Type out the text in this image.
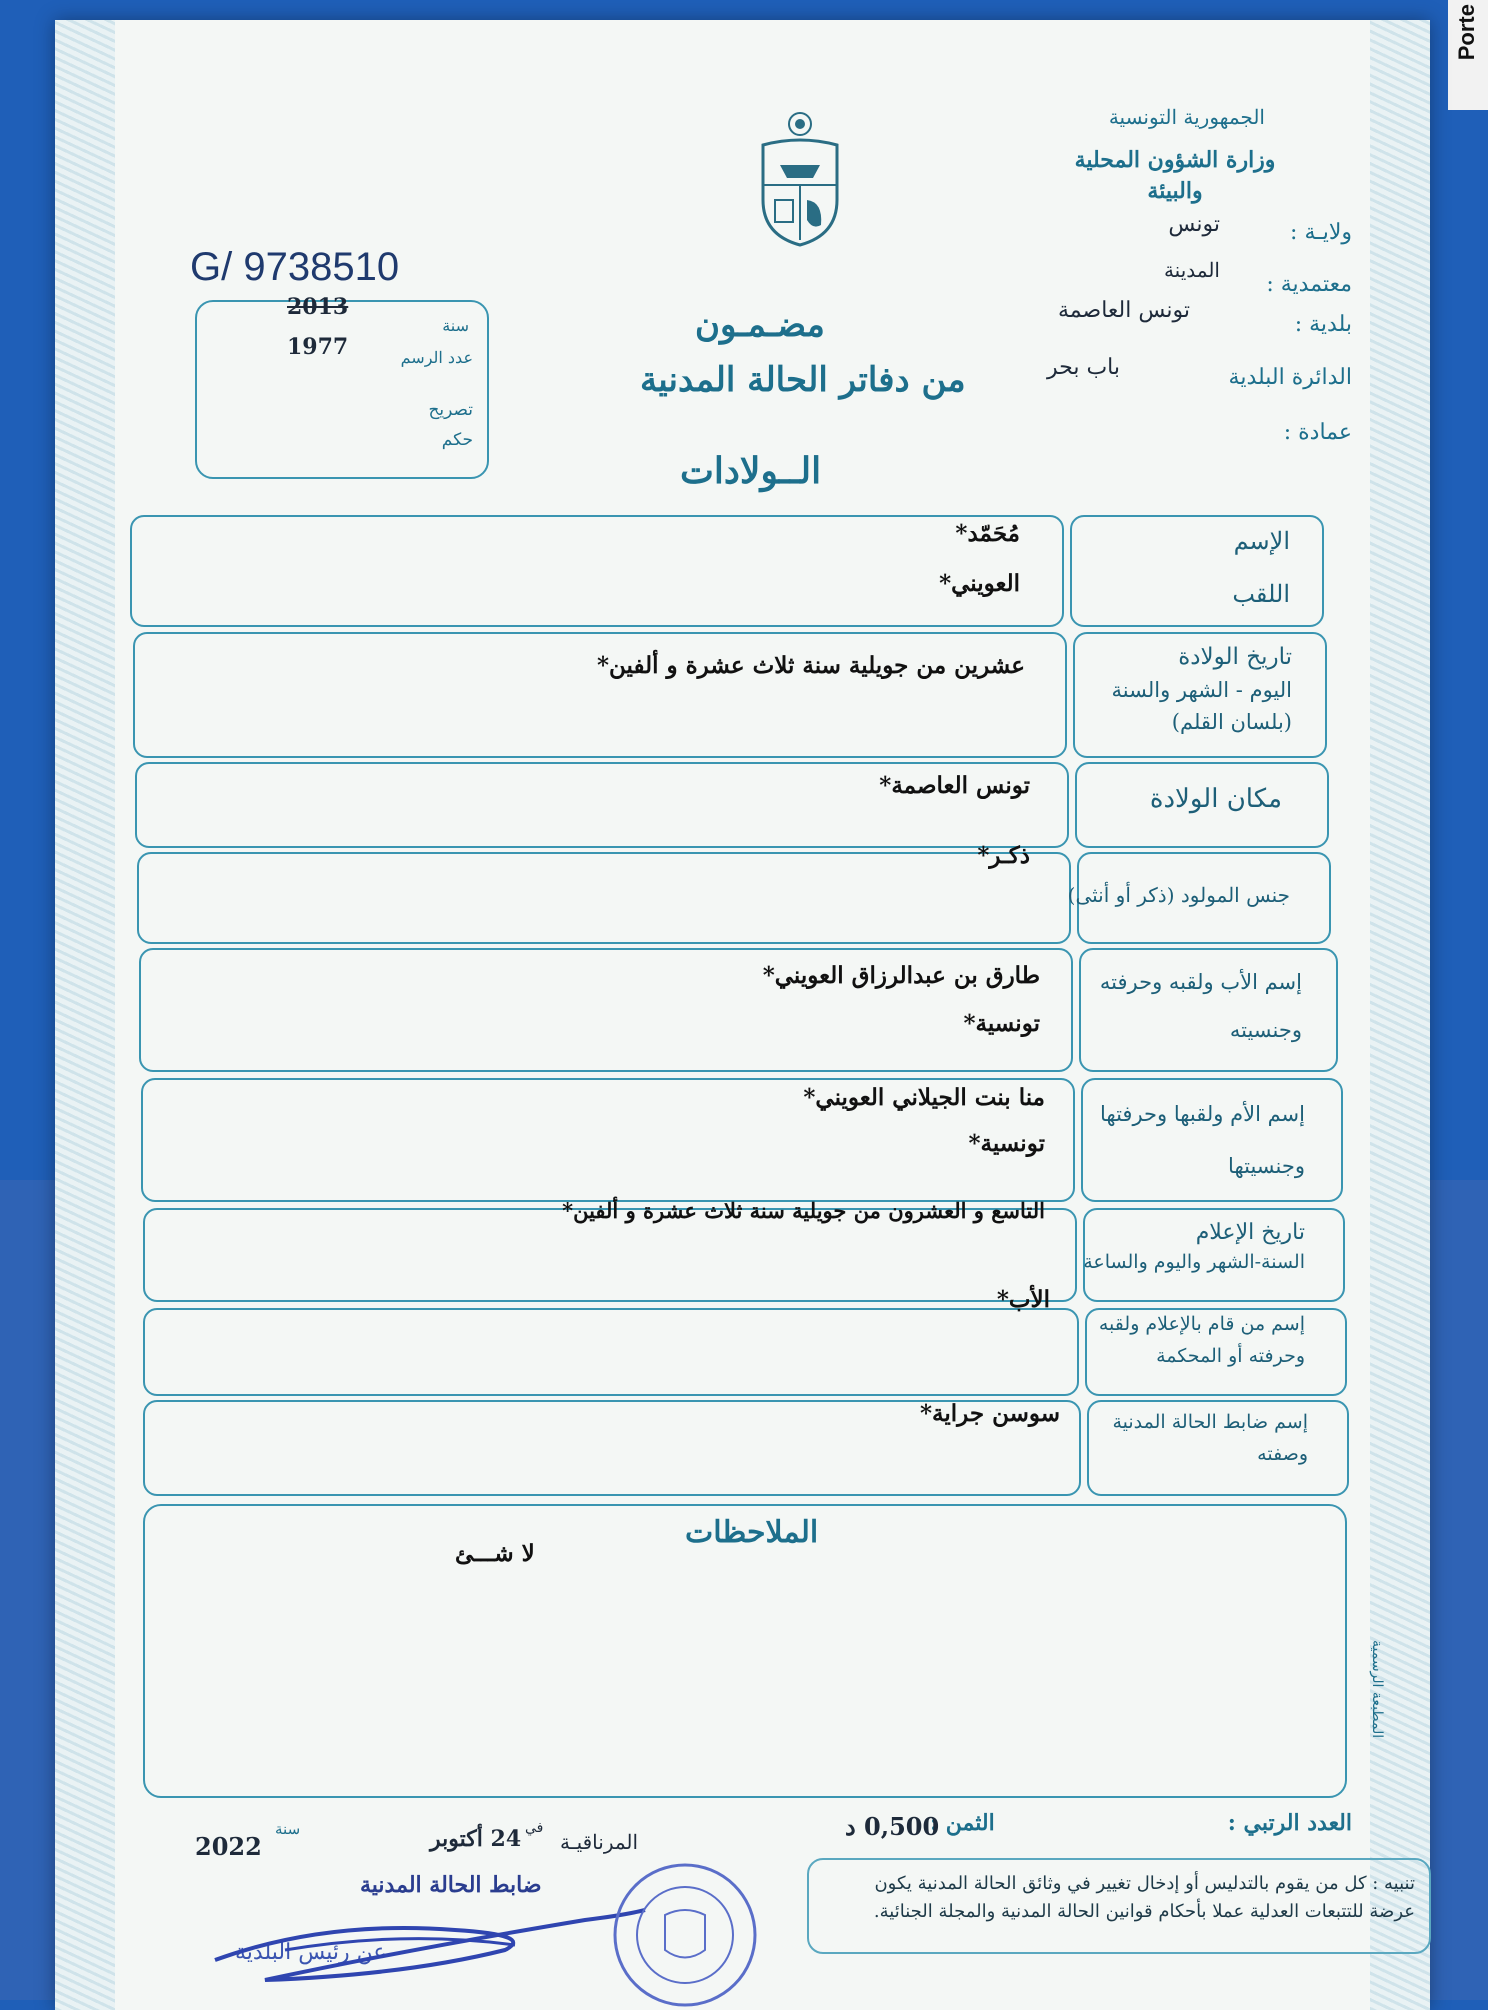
Porte
الجمهورية التونسية
وزارة الشؤون المحلية والبيئة
ولايـة :
تونس
معتمدية :
المدينة
بلدية :
تونس العاصمة
الدائرة البلدية
باب بحر
عمادة :
G/ 9738510
سنة
2013
1977	عدد الرسم
تصريح
حكم
مضـمـون
من دفاتر الحالة المدنية
الــولادات
الإسم
اللقب
مُحَمّد*
العويني*
تاريخ الولادة
اليوم - الشهر والسنة
(بلسان القلم)
عشرين من جويلية سنة ثلاث عشرة و ألفين*
مكان الولادة
تونس العاصمة*
جنس المولود (ذكر أو أنثى)
ذكـر*
إسم الأب ولقبه وحرفته
وجنسيته
طارق بن عبدالرزاق العويني*
تونسية*
إسم الأم ولقبها وحرفتها
وجنسيتها
منا بنت الجيلاني العويني*
تونسية*
تاريخ الإعلام
السنة-الشهر واليوم والساعة
التاسع و العشرون من جويلية سنة ثلاث عشرة و ألفين*
إسم من قام بالإعلام ولقبه
وحرفته أو المحكمة
الأب*
إسم ضابط الحالة المدنية
وصفته
سوسن جراية*
الملاحظات
لا شـــئ
المطبعة الرسمية
العدد الرتبي :
الثمن :
0,500 د
المرناقيـة
في
24 أكتوبر
سنة
2022
ضابط الحالة المدنية
عن رئيس البلدية
تنبيه : كل من يقوم بالتدليس أو إدخال تغيير في وثائق الحالة المدنية يكون عرضة للتتبعات العدلية عملا بأحكام قوانين الحالة المدنية والمجلة الجنائية.
